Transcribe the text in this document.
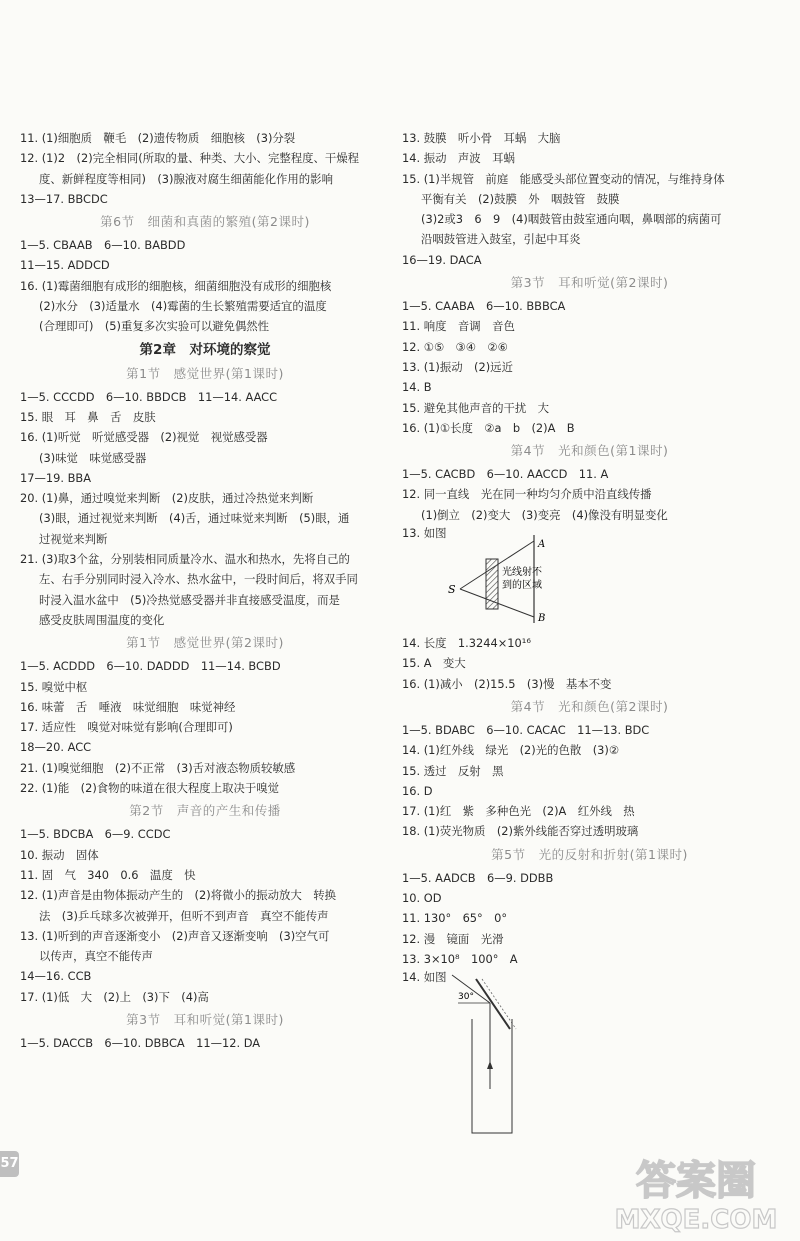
11. (1)细胞质　鞭毛　(2)遗传物质　细胞核　(3)分裂
12. (1)2　(2)完全相同(所取的量、种类、大小、完整程度、干燥程
度、新鲜程度等相同)　(3)腺液对腐生细菌能化作用的影响
13—17. BBCDC
第6节　细菌和真菌的繁殖(第2课时)
1—5. CBAAB　6—10. BABDD
11—15. ADDCD
16. (1)霉菌细胞有成形的细胞核，细菌细胞没有成形的细胞核
(2)水分　(3)适量水　(4)霉菌的生长繁殖需要适宜的温度
(合理即可)　(5)重复多次实验可以避免偶然性
第2章　对环境的察觉
第1节　感觉世界(第1课时)
1—5. CCCDD　6—10. BBDCB　11—14. AACC
15. 眼　耳　鼻　舌　皮肤
16. (1)听觉　听觉感受器　(2)视觉　视觉感受器
(3)味觉　味觉感受器
17—19. BBA
20. (1)鼻，通过嗅觉来判断　(2)皮肤，通过冷热觉来判断
(3)眼，通过视觉来判断　(4)舌，通过味觉来判断　(5)眼，通
过视觉来判断
21. (3)取3个盆，分别装相同质量冷水、温水和热水，先将自己的
左、右手分别同时浸入冷水、热水盆中，一段时间后，将双手同
时浸入温水盆中　(5)冷热觉感受器并非直接感受温度，而是
感受皮肤周围温度的变化
第1节　感觉世界(第2课时)
1—5. ACDDD　6—10. DADDD　11—14. BCBD
15. 嗅觉中枢
16. 味蕾　舌　唾液　味觉细胞　味觉神经
17. 适应性　嗅觉对味觉有影响(合理即可)
18—20. ACC
21. (1)嗅觉细胞　(2)不正常　(3)舌对液态物质较敏感
22. (1)能　(2)食物的味道在很大程度上取决于嗅觉
第2节　声音的产生和传播
1—5. BDCBA　6—9. CCDC
10. 振动　固体
11. 固　气　340　0.6　温度　快
12. (1)声音是由物体振动产生的　(2)将微小的振动放大　转换
法　(3)乒乓球多次被弹开，但听不到声音　真空不能传声
13. (1)听到的声音逐渐变小　(2)声音又逐渐变响　(3)空气可
以传声，真空不能传声
14—16. CCB
17. (1)低　大　(2)上　(3)下　(4)高
第3节　耳和听觉(第1课时)
1—5. DACCB　6—10. DBBCA　11—12. DA
13. 鼓膜　听小骨　耳蜗　大脑
14. 振动　声波　耳蜗
15. (1)半规管　前庭　能感受头部位置变动的情况，与维持身体
平衡有关　(2)鼓膜　外　咽鼓管　鼓膜
(3)2或3　6　9　(4)咽鼓管由鼓室通向咽，鼻咽部的病菌可
沿咽鼓管进入鼓室，引起中耳炎
16—19. DACA
第3节　耳和听觉(第2课时)
1—5. CAABA　6—10. BBBCA
11. 响度　音调　音色
12. ①⑤　③④　②⑥
13. (1)振动　(2)远近
14. B
15. 避免其他声音的干扰　大
16. (1)①长度　②a　b　(2)A　B
第4节　光和颜色(第1课时)
1—5. CACBD　6—10. AACCD　11. A
12. 同一直线　光在同一种均匀介质中沿直线传播
(1)倒立　(2)变大　(3)变亮　(4)像没有明显变化
13. 如图
S
A
B
光线射不
到的区域
14. 长度　1.3244×10¹⁶
15. A　变大
16. (1)减小　(2)15.5　(3)慢　基本不变
第4节　光和颜色(第2课时)
1—5. BDABC　6—10. CACAC　11—13. BDC
14. (1)红外线　绿光　(2)光的色散　(3)②
15. 透过　反射　黑
16. D
17. (1)红　紫　多种色光　(2)A　红外线　热
18. (1)荧光物质　(2)紫外线能否穿过透明玻璃
第5节　光的反射和折射(第1课时)
1—5. AADCB　6—9. DDBB
10. OD
11. 130°　65°　0°
12. 漫　镜面　光滑
13. 3×10⁸　100°　A
14. 如图
30°
57	答案圈
MXQE.COM
